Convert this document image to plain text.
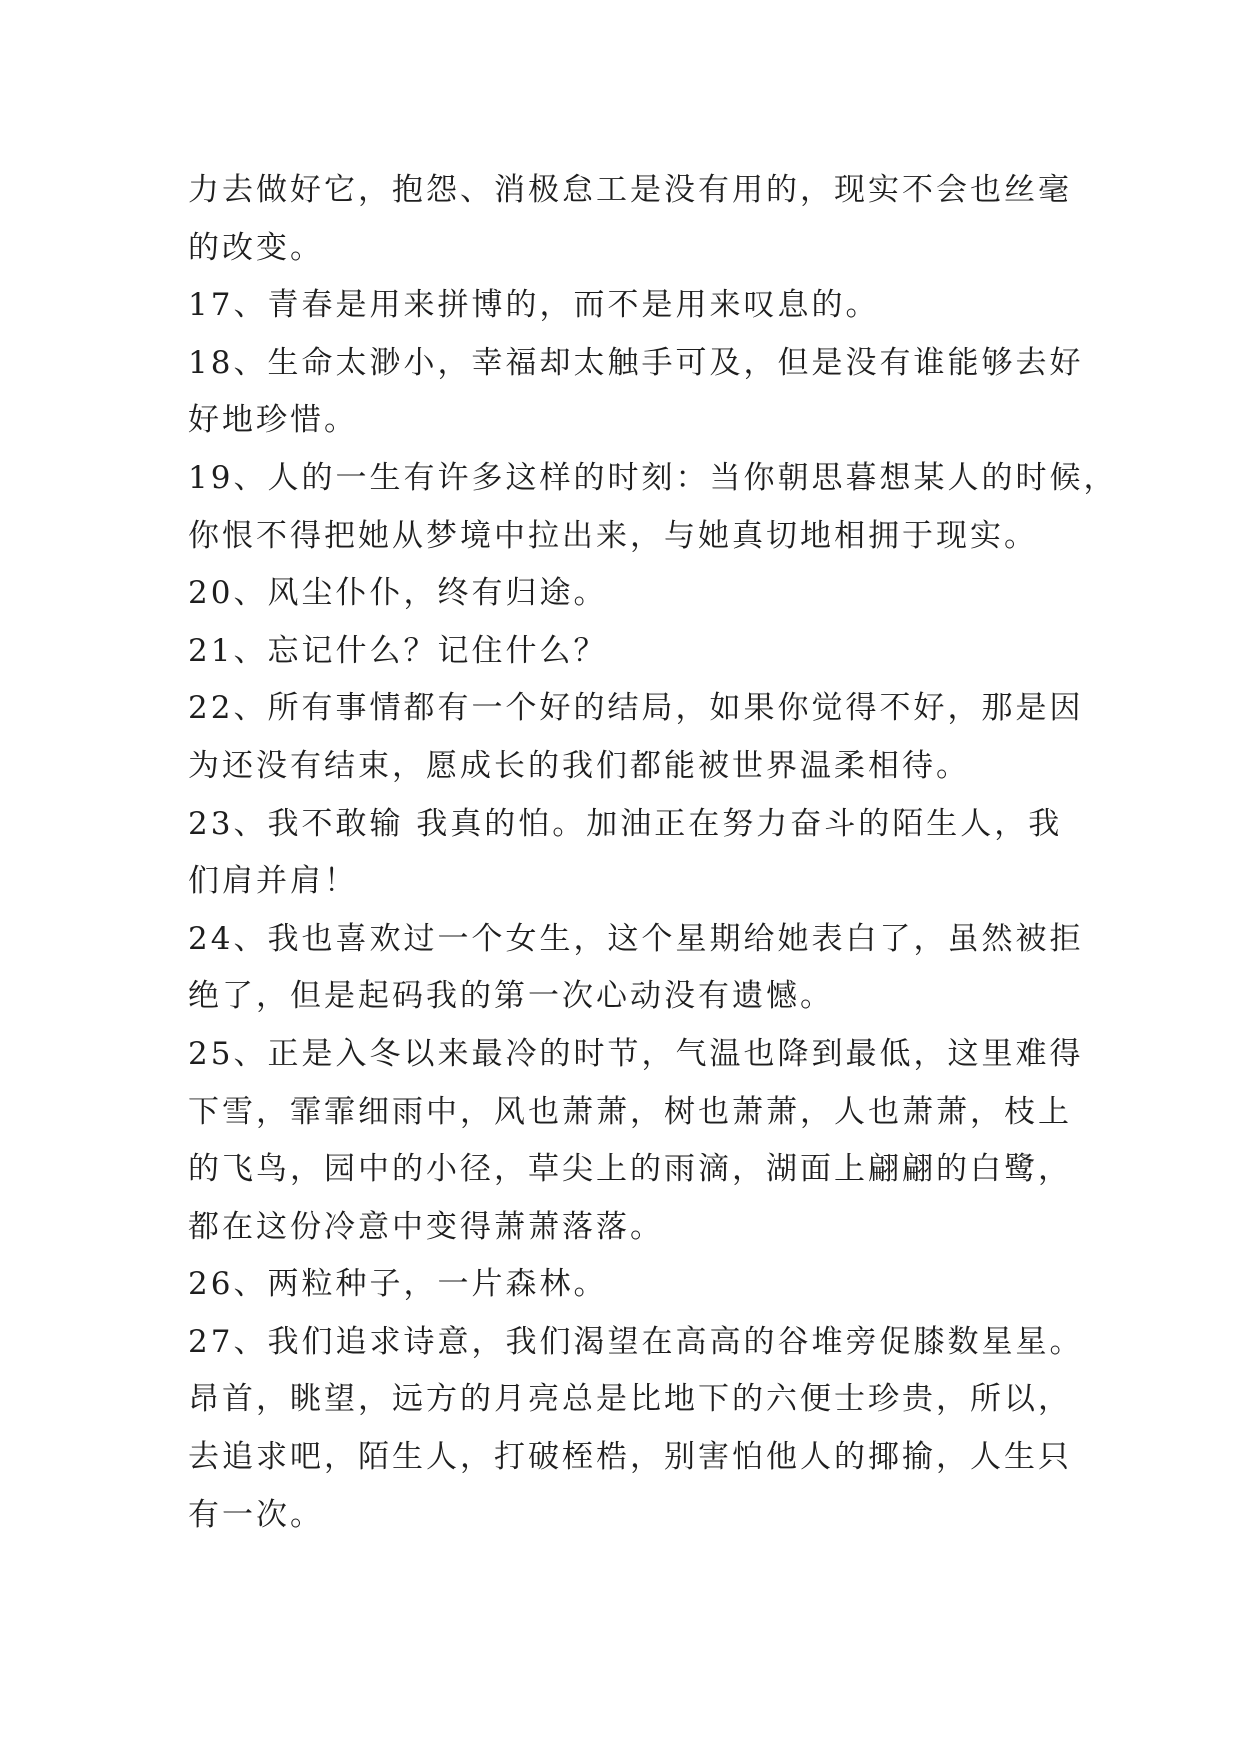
力去做好它，抱怨、消极怠工是没有用的，现实不会也丝毫
的改变。
17、青春是用来拼博的，而不是用来叹息的。
18、生命太渺小，幸福却太触手可及，但是没有谁能够去好
好地珍惜。
19、人的一生有许多这样的时刻：当你朝思暮想某人的时候，
你恨不得把她从梦境中拉出来，与她真切地相拥于现实。
20、风尘仆仆，终有归途。
21、忘记什么？记住什么？
22、所有事情都有一个好的结局，如果你觉得不好，那是因
为还没有结束，愿成长的我们都能被世界温柔相待。
23、我不敢输 我真的怕。加油正在努力奋斗的陌生人，我
们肩并肩！
24、我也喜欢过一个女生，这个星期给她表白了，虽然被拒
绝了，但是起码我的第一次心动没有遗憾。
25、正是入冬以来最冷的时节，气温也降到最低，这里难得
下雪，霏霏细雨中，风也萧萧，树也萧萧，人也萧萧，枝上
的飞鸟，园中的小径，草尖上的雨滴，湖面上翩翩的白鹭，
都在这份冷意中变得萧萧落落。
26、两粒种子，一片森林。
27、我们追求诗意，我们渴望在高高的谷堆旁促膝数星星。
昂首，眺望，远方的月亮总是比地下的六便士珍贵，所以，
去追求吧，陌生人，打破桎梏，别害怕他人的揶揄，人生只
有一次。
